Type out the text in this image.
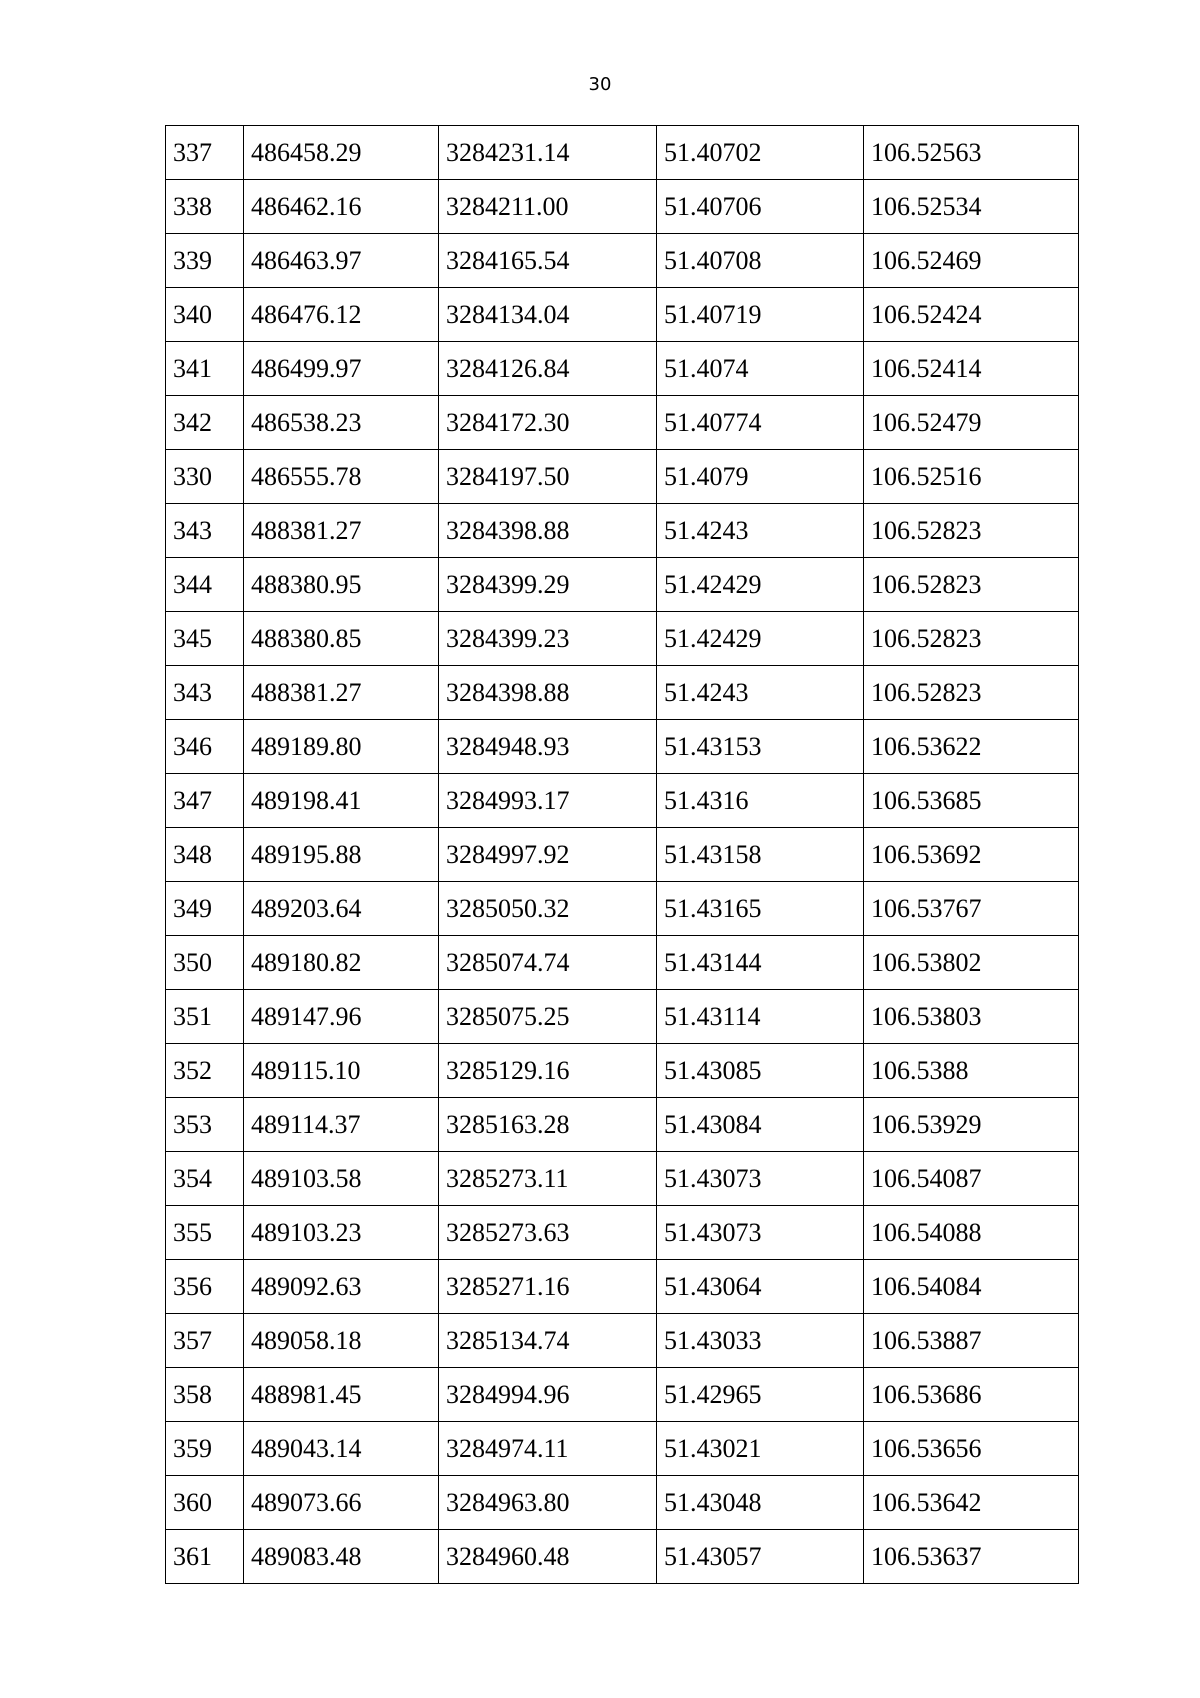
30
337	486458.29	3284231.14	51.40702	106.52563
338	486462.16	3284211.00	51.40706	106.52534
339	486463.97	3284165.54	51.40708	106.52469
340	486476.12	3284134.04	51.40719	106.52424
341	486499.97	3284126.84	51.4074	106.52414
342	486538.23	3284172.30	51.40774	106.52479
330	486555.78	3284197.50	51.4079	106.52516
343	488381.27	3284398.88	51.4243	106.52823
344	488380.95	3284399.29	51.42429	106.52823
345	488380.85	3284399.23	51.42429	106.52823
343	488381.27	3284398.88	51.4243	106.52823
346	489189.80	3284948.93	51.43153	106.53622
347	489198.41	3284993.17	51.4316	106.53685
348	489195.88	3284997.92	51.43158	106.53692
349	489203.64	3285050.32	51.43165	106.53767
350	489180.82	3285074.74	51.43144	106.53802
351	489147.96	3285075.25	51.43114	106.53803
352	489115.10	3285129.16	51.43085	106.5388
353	489114.37	3285163.28	51.43084	106.53929
354	489103.58	3285273.11	51.43073	106.54087
355	489103.23	3285273.63	51.43073	106.54088
356	489092.63	3285271.16	51.43064	106.54084
357	489058.18	3285134.74	51.43033	106.53887
358	488981.45	3284994.96	51.42965	106.53686
359	489043.14	3284974.11	51.43021	106.53656
360	489073.66	3284963.80	51.43048	106.53642
361	489083.48	3284960.48	51.43057	106.53637
